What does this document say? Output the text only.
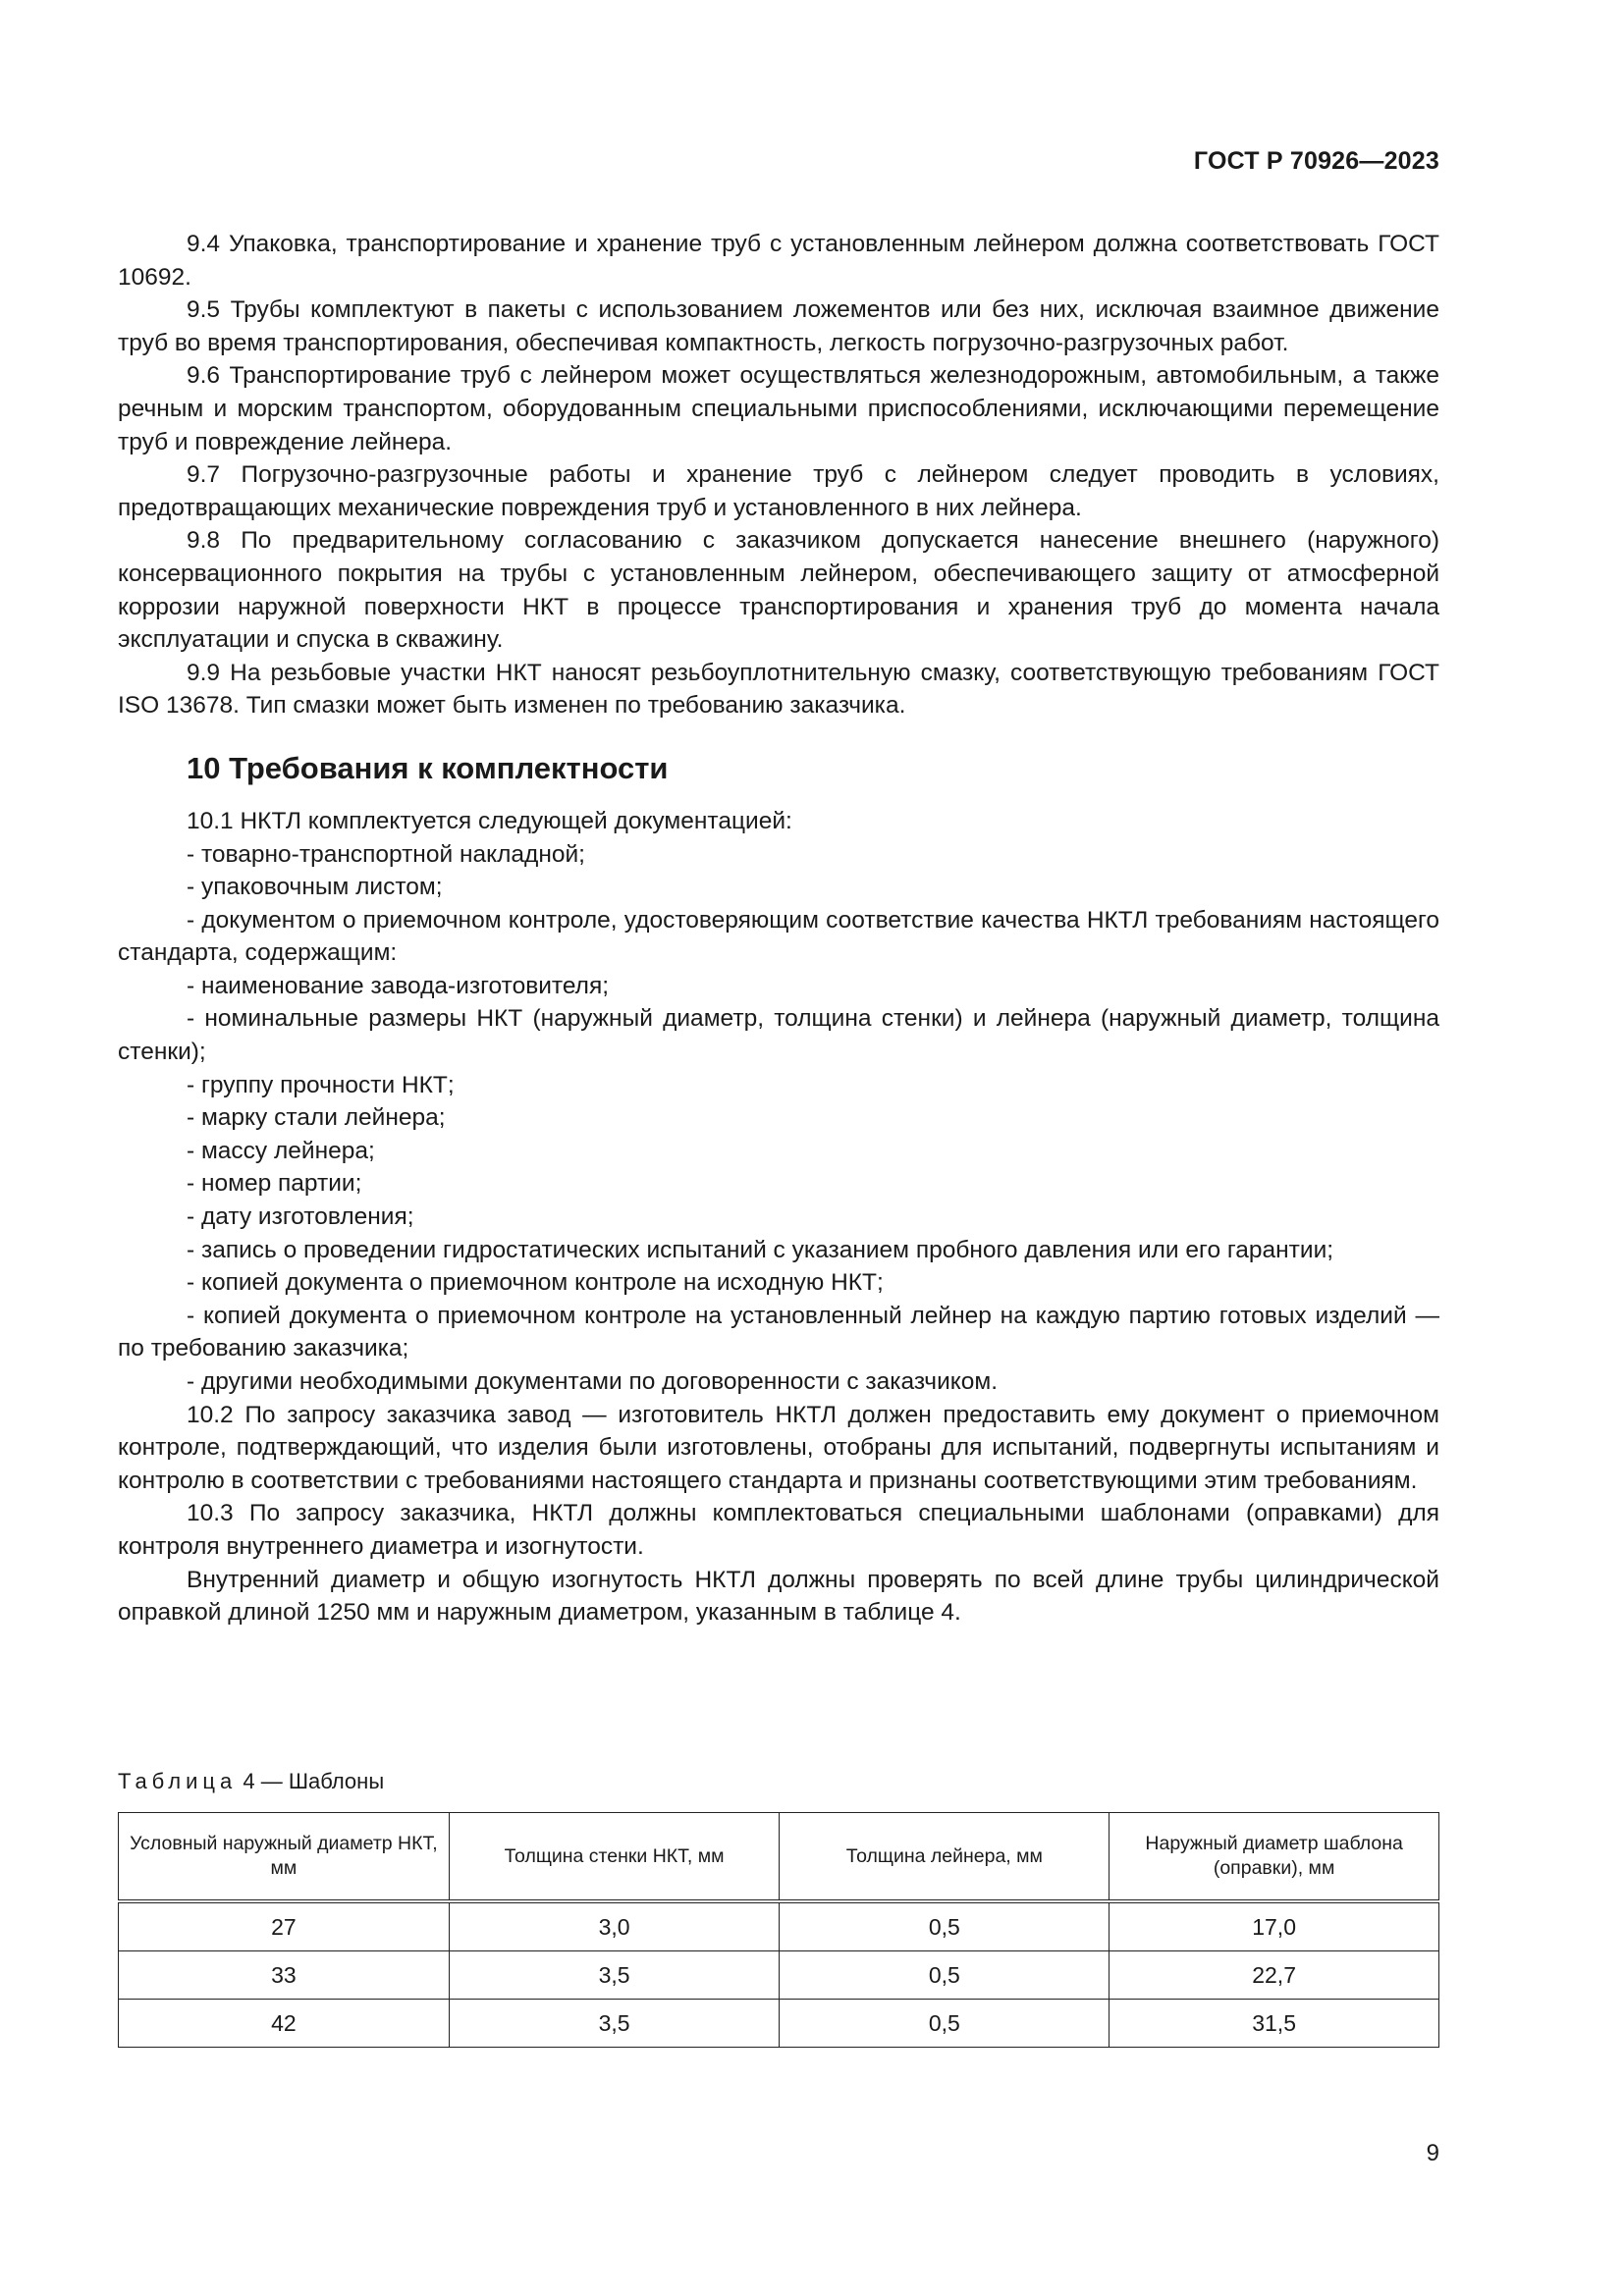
ГОСТ Р 70926—2023

9.4 Упаковка, транспортирование и хранение труб с установленным лейнером должна соответствовать ГОСТ 10692.

9.5 Трубы комплектуют в пакеты с использованием ложементов или без них, исключая взаимное движение труб во время транспортирования, обеспечивая компактность, легкость погрузочно-разгрузочных работ.

9.6 Транспортирование труб с лейнером может осуществляться железнодорожным, автомобильным, а также речным и морским транспортом, оборудованным специальными приспособлениями, исключающими перемещение труб и повреждение лейнера.

9.7 Погрузочно-разгрузочные работы и хранение труб с лейнером следует проводить в условиях, предотвращающих механические повреждения труб и установленного в них лейнера.

9.8 По предварительному согласованию с заказчиком допускается нанесение внешнего (наружного) консервационного покрытия на трубы с установленным лейнером, обеспечивающего защиту от атмосферной коррозии наружной поверхности НКТ в процессе транспортирования и хранения труб до момента начала эксплуатации и спуска в скважину.

9.9 На резьбовые участки НКТ наносят резьбоуплотнительную смазку, соответствующую требованиям ГОСТ ISO 13678. Тип смазки может быть изменен по требованию заказчика.

10 Требования к комплектности

10.1 НКТЛ комплектуется следующей документацией:

- товарно-транспортной накладной;

- упаковочным листом;

- документом о приемочном контроле, удостоверяющим соответствие качества НКТЛ требованиям настоящего стандарта, содержащим:

- наименование завода-изготовителя;

- номинальные размеры НКТ (наружный диаметр, толщина стенки) и лейнера (наружный диаметр, толщина стенки);

- группу прочности НКТ;

- марку стали лейнера;

- массу лейнера;

- номер партии;

- дату изготовления;

- запись о проведении гидростатических испытаний с указанием пробного давления или его гарантии;

- копией документа о приемочном контроле на исходную НКТ;

- копией документа о приемочном контроле на установленный лейнер на каждую партию готовых изделий — по требованию заказчика;

- другими необходимыми документами по договоренности с заказчиком.

10.2 По запросу заказчика завод — изготовитель НКТЛ должен предоставить ему документ о приемочном контроле, подтверждающий, что изделия были изготовлены, отобраны для испытаний, подвергнуты испытаниям и контролю в соответствии с требованиями настоящего стандарта и признаны соответствующими этим требованиям.

10.3 По запросу заказчика, НКТЛ должны комплектоваться специальными шаблонами (оправками) для контроля внутреннего диаметра и изогнутости.

Внутренний диаметр и общую изогнутость НКТЛ должны проверять по всей длине трубы цилиндрической оправкой длиной 1250 мм и наружным диаметром, указанным в таблице 4.

Таблица 4 — Шаблоны
Условный наружный диаметр НКТ, мм	Толщина стенки НКТ, мм	Толщина лейнера, мм	Наружный диаметр шаблона (оправки), мм
27	3,0	0,5	17,0
33	3,5	0,5	22,7
42	3,5	0,5	31,5
9
